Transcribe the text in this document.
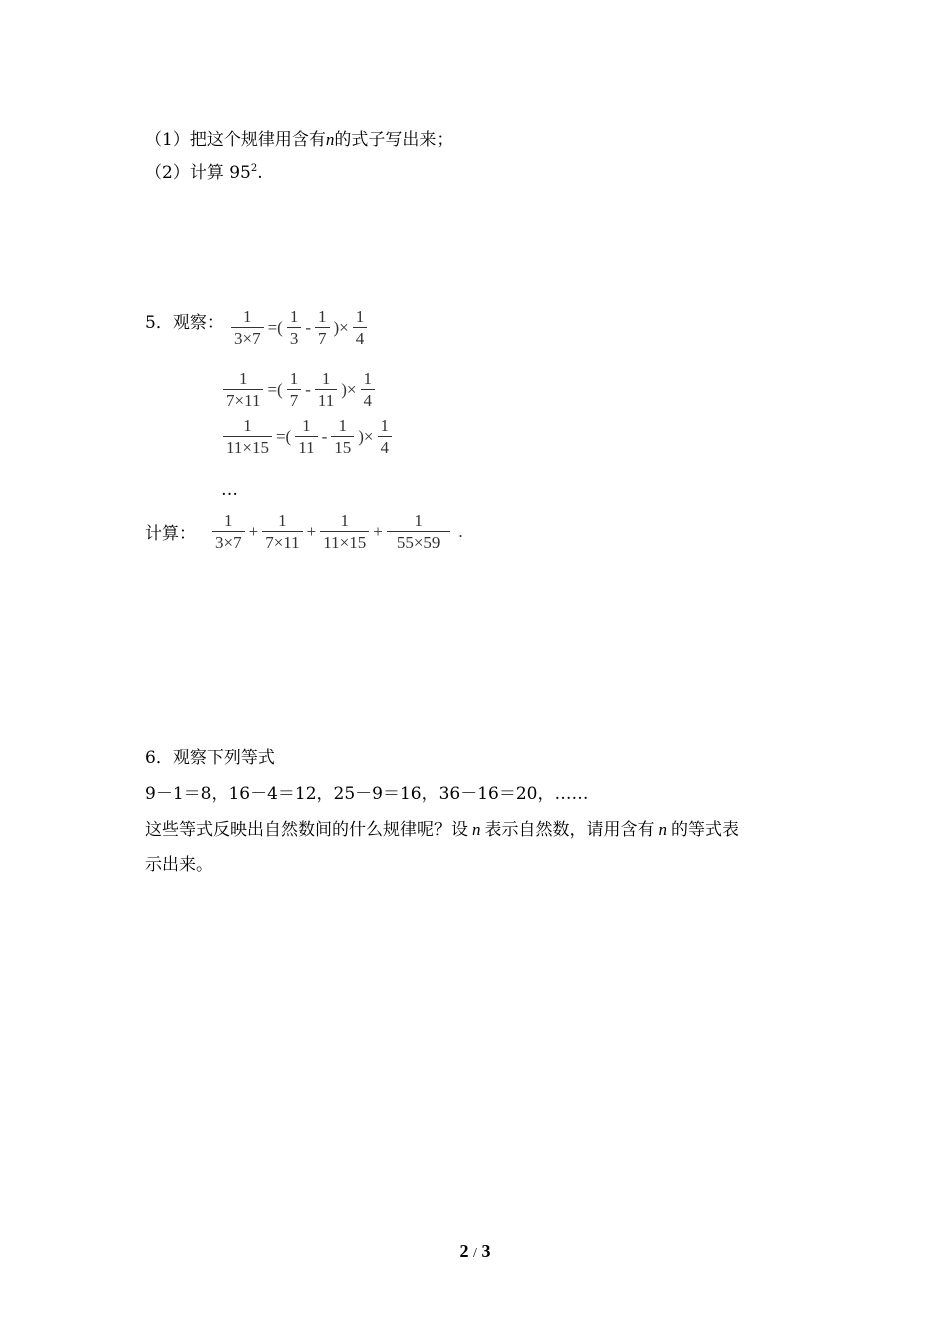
（1）把这个规律用含有n的式子写出来；
（2）计算 $95^2$.
5．观察： $\frac{1}{3\times 7}$ =( $\frac{1}{3} - \frac{1}{7}$ )× $\frac{1}{4}$
$\frac{1}{7\times 11}$ =( $\frac{1}{7} - \frac{1}{11}$ )× $\frac{1}{4}$
$\frac{1}{11\times 15}$ =( $\frac{1}{11} - \frac{1}{15}$ )× $\frac{1}{4}$
…
计算： $\frac{1}{3\times 7} + \frac{1}{7\times 11} + \frac{1}{11\times 15} + \frac{1}{55\times 59}$ .
6．观察下列等式
9－1＝8，16－4＝12，25－9＝16，36－16＝20，……
这些等式反映出自然数间的什么规律呢？设 n 表示自然数，请用含有 n 的等式表
示出来。
2 / 3
